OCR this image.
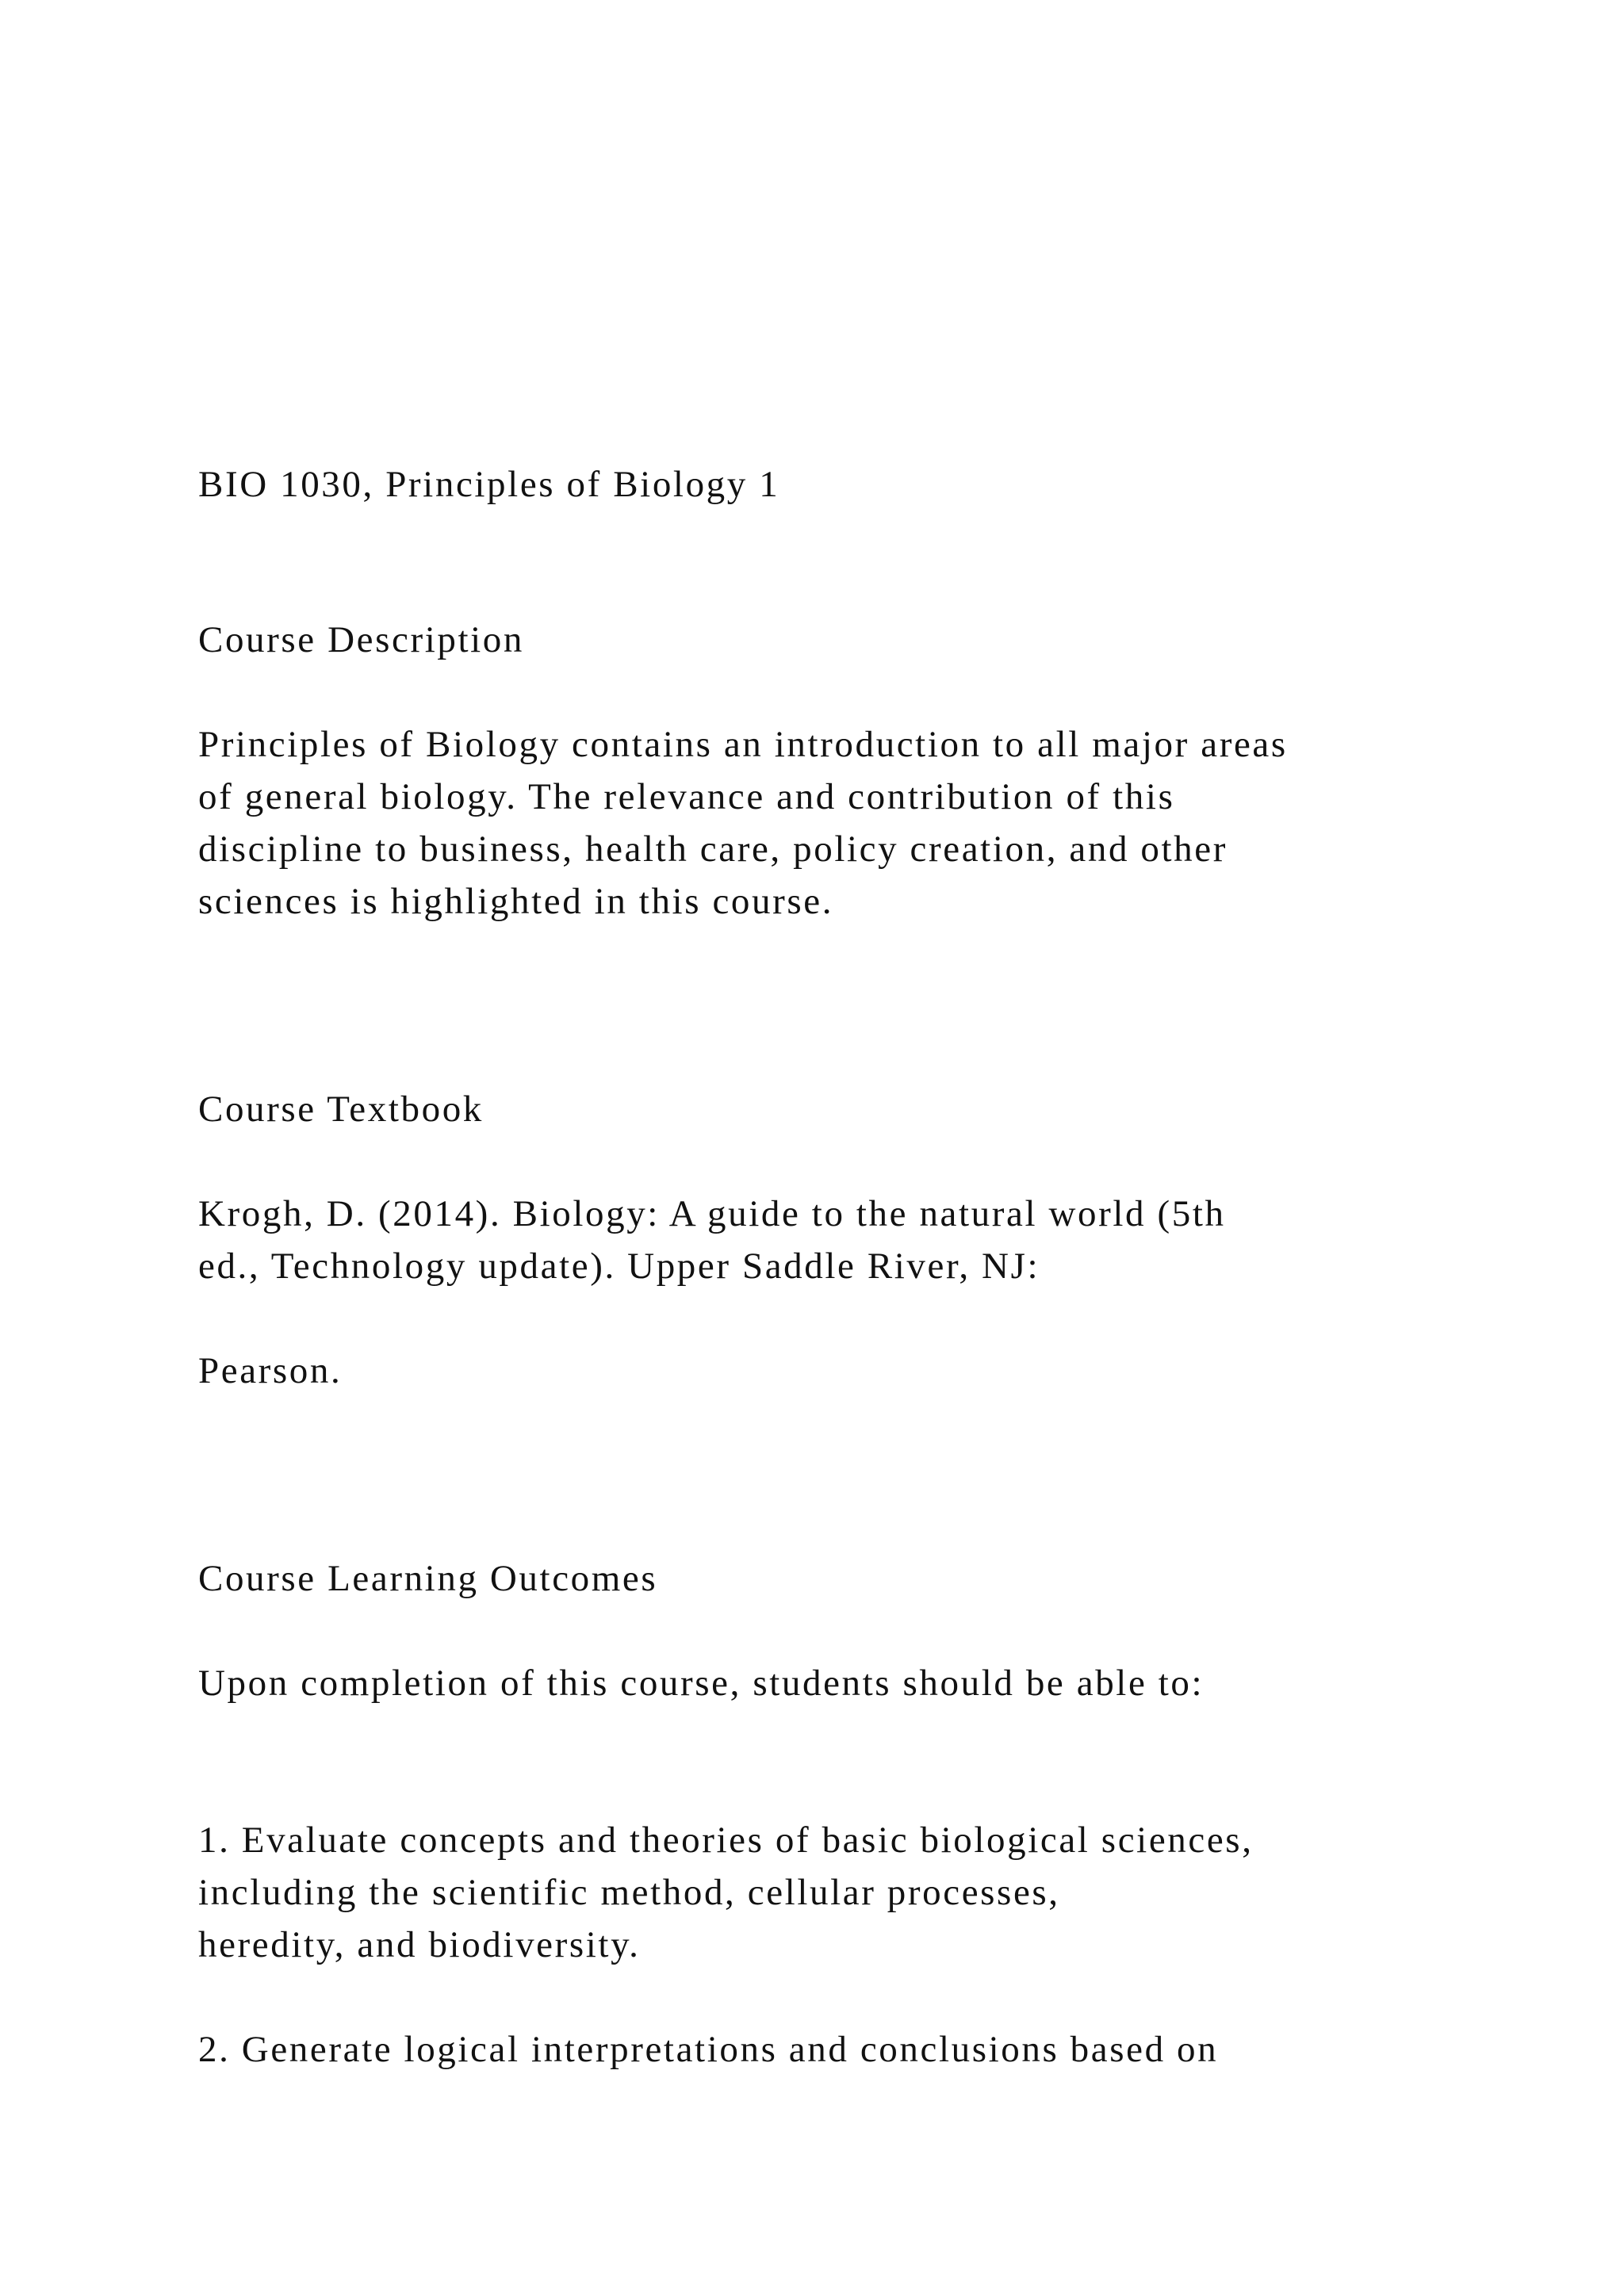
BIO 1030, Principles of Biology 1

Course Description

Principles of Biology contains an introduction to all major areas

of general biology. The relevance and contribution of this

discipline to business, health care, policy creation, and other

sciences is highlighted in this course.

Course Textbook

Krogh, D. (2014). Biology: A guide to the natural world (5th

ed., Technology update). Upper Saddle River, NJ:

Pearson.

Course Learning Outcomes

Upon completion of this course, students should be able to:

1. Evaluate concepts and theories of basic biological sciences,

including the scientific method, cellular processes,

heredity, and biodiversity.

2. Generate logical interpretations and conclusions based on
